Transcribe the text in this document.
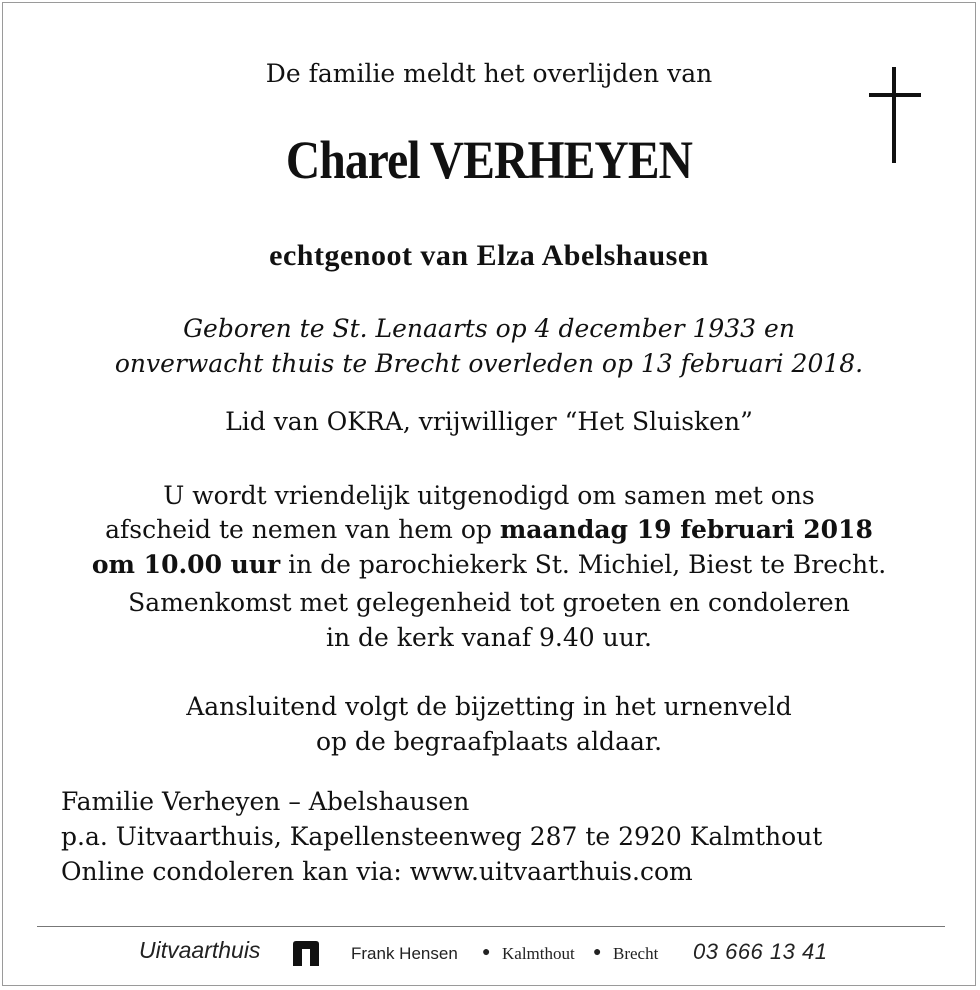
De familie meldt het overlijden van
Charel VERHEYEN
echtgenoot van Elza Abelshausen
Geboren te St. Lenaarts op 4 december 1933 en
onverwacht thuis te Brecht overleden op 13 februari 2018.
Lid van OKRA, vrijwilliger “Het Sluisken”
U wordt vriendelijk uitgenodigd om samen met ons
afscheid te nemen van hem op maandag 19 februari 2018
om 10.00 uur in de parochiekerk St. Michiel, Biest te Brecht.
Samenkomst met gelegenheid tot groeten en condoleren
in de kerk vanaf 9.40 uur.
Aansluitend volgt de bijzetting in het urnenveld
op de begraafplaats aldaar.
Familie Verheyen – Abelshausen
p.a. Uitvaarthuis, Kapellensteenweg 287 te 2920 Kalmthout
Online condoleren kan via: www.uitvaarthuis.com
Uitvaarthuis	Frank Hensen ● Kalmthout ● Brecht 03 666 13 41
